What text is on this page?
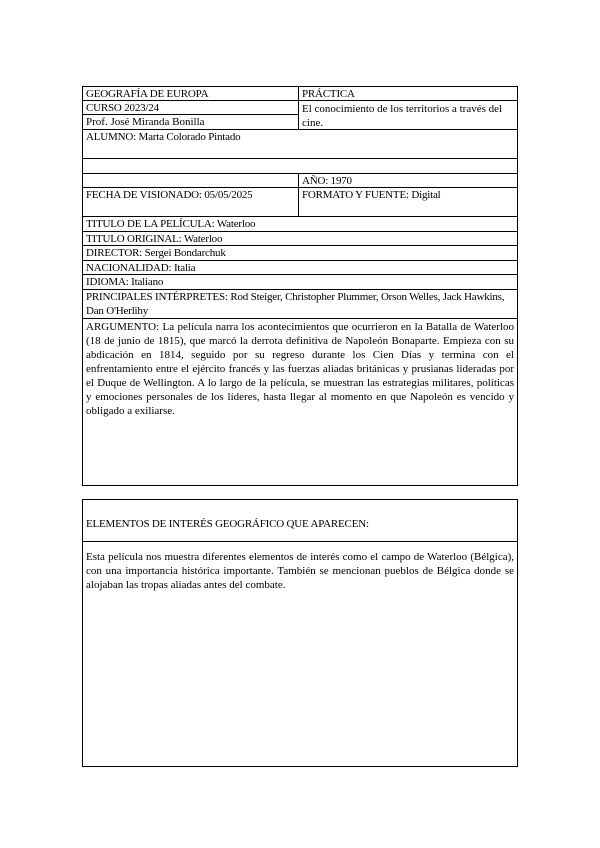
GEOGRAFÍA DE EUROPA	PRÁCTICA
CURSO 2023/24
Prof. José Miranda Bonilla
El conocimiento de los territorios a través del cine.
ALUMNO: Marta Colorado Pintado
AÑO: 1970
FECHA DE VISIONADO: 05/05/2025	FORMATO Y FUENTE: Digital
TITULO DE LA PELÍCULA: Waterloo
TITULO ORIGINAL: Waterloo
DIRECTOR: Sergei Bondarchuk
NACIONALIDAD: Italia
IDIOMA: Italiano
PRINCIPALES INTÉRPRETES: Rod Steiger, Christopher Plummer, Orson Welles, Jack Hawkins, Dan O'Herlihy
ARGUMENTO: La película narra los acontecimientos que ocurrieron en la Batalla de Waterloo (18 de junio de 1815), que marcó la derrota definitiva de Napoleón Bonaparte. Empieza con su abdicación en 1814, seguido por su regreso durante los Cien Días y termina con el enfrentamiento entre el ejército francés y las fuerzas aliadas británicas y prusianas lideradas por el Duque de Wellington. A lo largo de la película, se muestran las estrategias militares, políticas y emociones personales de los líderes, hasta llegar al momento en que Napoleón es vencido y obligado a exiliarse.
ELEMENTOS DE INTERÉS GEOGRÁFICO QUE APARECEN:
Esta película nos muestra diferentes elementos de interés como el campo de Waterloo (Bélgica), con una importancia histórica importante. También se mencionan pueblos de Bélgica donde se alojaban las tropas aliadas antes del combate.
